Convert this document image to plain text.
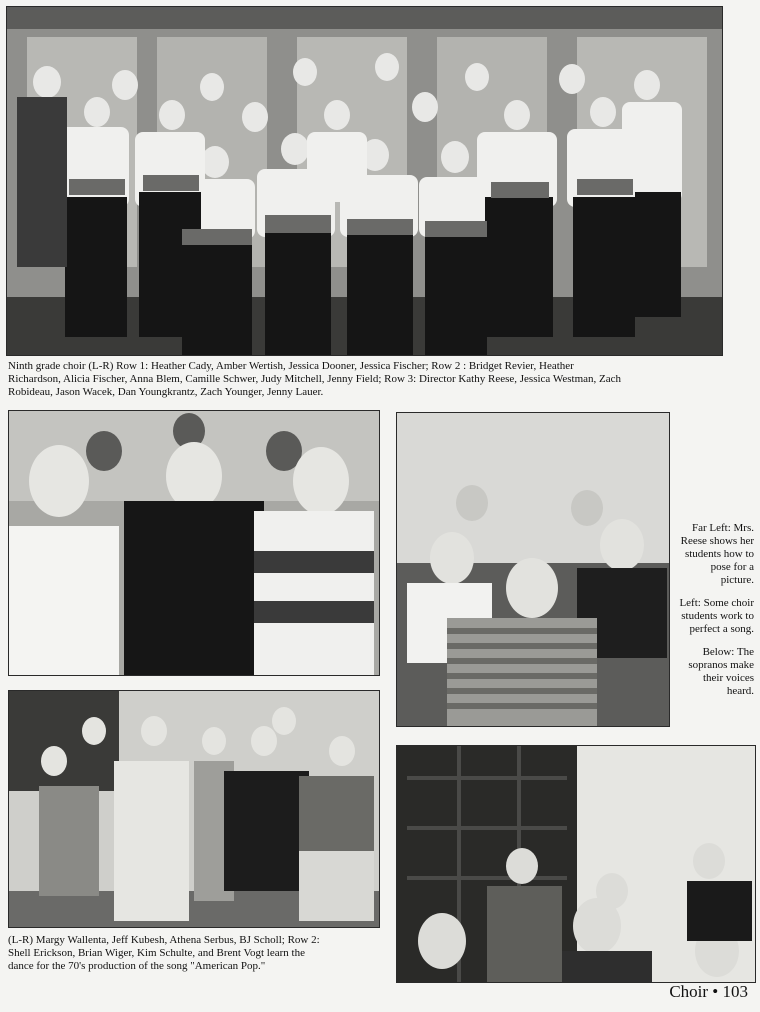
Ninth grade choir (L-R) Row 1: Heather Cady, Amber Wertish, Jessica Dooner, Jessica Fischer; Row 2 : Bridget Revier, Heather

Richardson, Alicia Fischer, Anna Blem, Camille Schwer, Judy Mitchell, Jenny Field; Row 3: Director Kathy Reese, Jessica Westman, Zach

Robideau, Jason Wacek, Dan Youngkrantz, Zach Younger, Jenny Lauer.

Far Left: Mrs. Reese shows her students how to pose for a picture.

Left: Some choir students work to perfect a song.

Below: The sopranos make their voices heard.

(L-R) Margy Wallenta, Jeff Kubesh, Athena Serbus, BJ Scholl; Row 2:

Shell Erickson, Brian Wiger, Kim Schulte, and Brent Vogt learn the

dance for the 70's production of the song "American Pop."

Choir • 103
